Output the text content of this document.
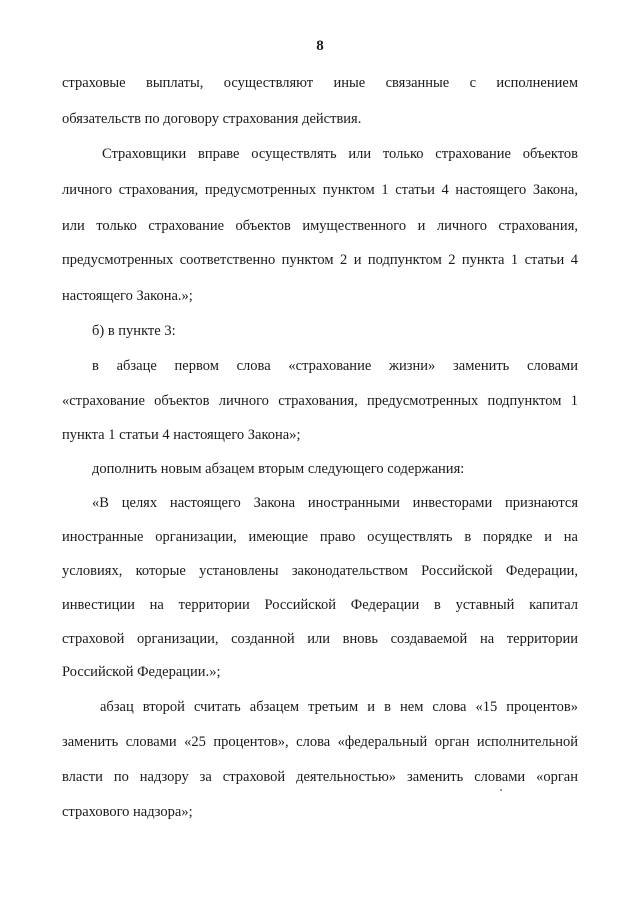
8
страховые выплаты, осуществляют иные связанные с исполнением
обязательств по договору страхования действия.
Страховщики вправе осуществлять или только страхование объектов
личного страхования, предусмотренных пунктом 1 статьи 4 настоящего Закона,
или только страхование объектов имущественного и личного страхования,
предусмотренных соответственно пунктом 2 и подпунктом 2 пункта 1 статьи 4
настоящего Закона.»;
б) в пункте 3:
в абзаце первом слова «страхование жизни» заменить словами
«страхование объектов личного страхования, предусмотренных подпунктом 1
пункта 1 статьи 4 настоящего Закона»;
дополнить новым абзацем вторым следующего содержания:
«В целях настоящего Закона иностранными инвесторами признаются
иностранные организации, имеющие право осуществлять в порядке и на
условиях, которые установлены законодательством Российской Федерации,
инвестиции на территории Российской Федерации в уставный капитал
страховой организации, созданной или вновь создаваемой на территории
Российской Федерации.»;
абзац второй считать абзацем третьим и в нем слова «15 процентов»
заменить словами «25 процентов», слова «федеральный орган исполнительной
власти по надзору за страховой деятельностью» заменить словами «орган
страхового надзора»;
